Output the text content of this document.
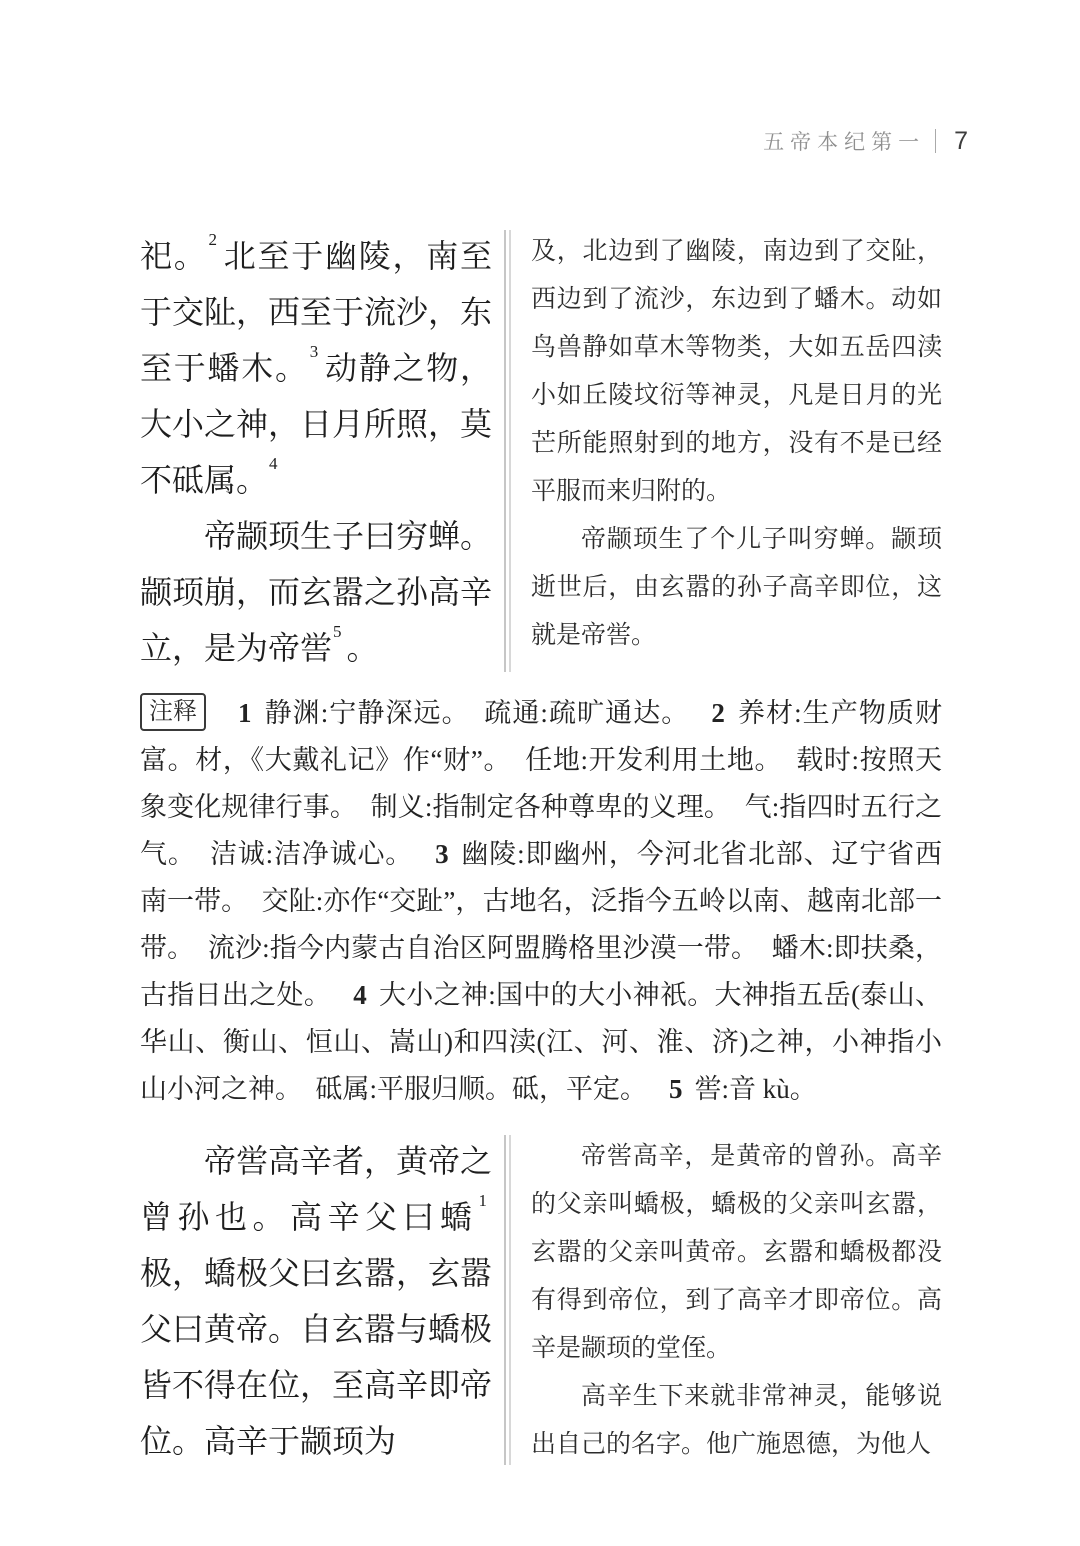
五帝本纪第一 7

祀。$^2$ 北至于幽陵，南至于交阯，西至于流沙，东至于蟠木。$^3$ 动静之物，大小之神，日月所照，莫不砥属。$^4$

帝颛顼生子曰穷蝉。颛顼崩，而玄嚣之孙高辛立，是为帝喾$^5$ 。

及，北边到了幽陵，南边到了交阯，西边到了流沙，东边到了蟠木。动如鸟兽静如草木等物类，大如五岳四渎小如丘陵坟衍等神灵，凡是日月的光芒所能照射到的地方，没有不是已经平服而来归附的。

帝颛顼生了个儿子叫穷蝉。颛顼逝世后，由玄嚣的孙子高辛即位，这就是帝喾。

注释 1 静渊:宁静深远。　疏通:疏旷通达。 2 养材:生产物质财富。材，《大戴礼记》作“财”。　任地:开发利用土地。　载时:按照天象变化规律行事。　制义:指制定各种尊卑的义理。　气:指四时五行之气。　洁诚:洁净诚心。 3 幽陵:即幽州，今河北省北部、辽宁省西南一带。　交阯:亦作“交趾”，古地名，泛指今五岭以南、越南北部一带。　流沙:指今内蒙古自治区阿盟腾格里沙漠一带。　蟠木:即扶桑，古指日出之处。 4 大小之神:国中的大小神祇。大神指五岳(泰山、华山、衡山、恒山、嵩山)和四渎(江、河、淮、济)之神，小神指小山小河之神。　砥属:平服归顺。砥，平定。 5 喾:音 kù。

帝喾高辛者，黄帝之曾孙也。高辛父曰蟜$^1$极，蟜极父曰玄嚣，玄嚣父曰黄帝。自玄嚣与蟜极皆不得在位，至高辛即帝位。高辛于颛顼为

帝喾高辛，是黄帝的曾孙。高辛的父亲叫蟜极，蟜极的父亲叫玄嚣，玄嚣的父亲叫黄帝。玄嚣和蟜极都没有得到帝位，到了高辛才即帝位。高辛是颛顼的堂侄。

高辛生下来就非常神灵，能够说出自己的名字。他广施恩德，为他人
